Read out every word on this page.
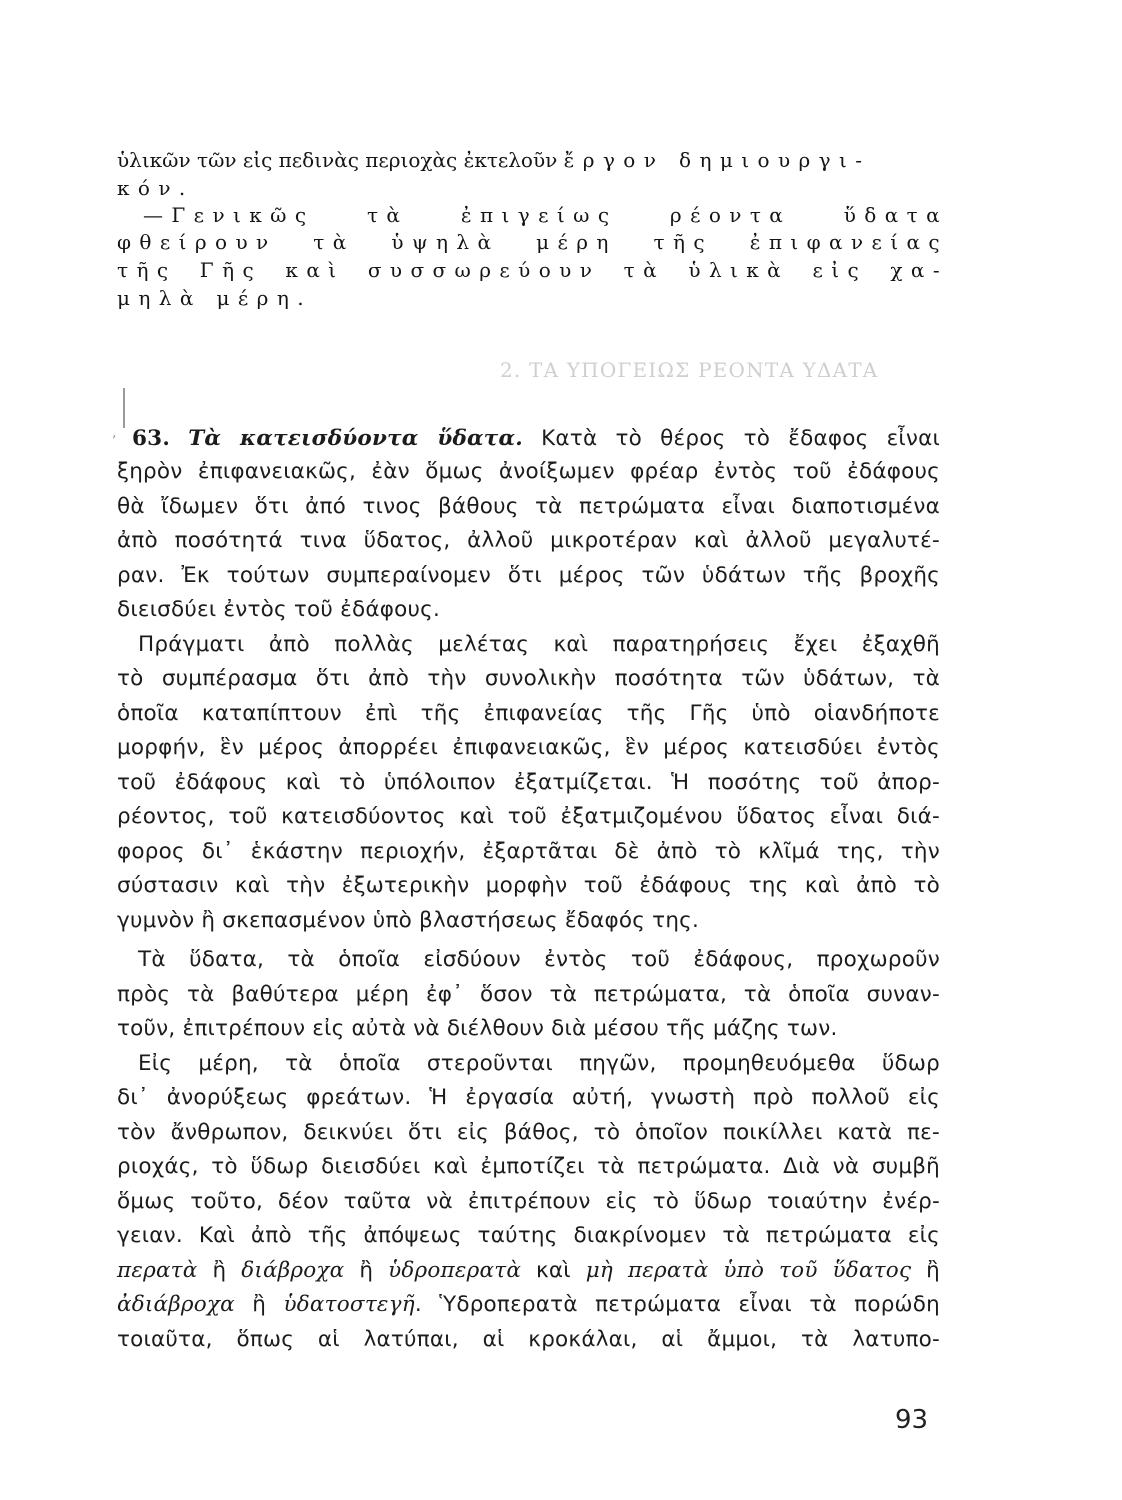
ὑλικῶν τῶν εἰς πεδινὰς περιοχὰς ἐκτελοῦν ἔργον δημιουργι-
κόν.
—Γενικῶς τὰ ἐπιγείως ρέοντα ὕδατα
φθείρουν τὰ ὑψηλὰ μέρη τῆς ἐπιφανείας
τῆς Γῆς καὶ συσσωρεύουν τὰ ὑλικὰ εἰς χα-
μηλὰ μέρη.
2. ΤΑ ΥΠΟΓΕΙΩΣ ΡΕΟΝΤΑ ΥΔΑΤΑ
, 63. Τὰ κατεισδύοντα ὕδατα. Κατὰ τὸ θέρος τὸ ἔδαφος εἶναι
ξηρὸν ἐπιφανειακῶς, ἐὰν ὅμως ἀνοίξωμεν φρέαρ ἐντὸς τοῦ ἐδάφους
θὰ ἴδωμεν ὅτι ἀπό τινος βάθους τὰ πετρώματα εἶναι διαποτισμένα
ἀπὸ ποσότητά τινα ὕδατος, ἀλλοῦ μικροτέραν καὶ ἀλλοῦ μεγαλυτέ-
ραν. Ἐκ τούτων συμπεραίνομεν ὅτι μέρος τῶν ὑδάτων τῆς βροχῆς
διεισδύει ἐντὸς τοῦ ἐδάφους.
Πράγματι ἀπὸ πολλὰς μελέτας καὶ παρατηρήσεις ἔχει ἐξαχθῆ
τὸ συμπέρασμα ὅτι ἀπὸ τὴν συνολικὴν ποσότητα τῶν ὑδάτων, τὰ
ὁποῖα καταπίπτουν ἐπὶ τῆς ἐπιφανείας τῆς Γῆς ὑπὸ οἱανδήποτε
μορφήν, ἓν μέρος ἀπορρέει ἐπιφανειακῶς, ἓν μέρος κατεισδύει ἐντὸς
τοῦ ἐδάφους καὶ τὸ ὑπόλοιπον ἐξατμίζεται. Ἡ ποσότης τοῦ ἀπορ-
ρέοντος, τοῦ κατεισδύοντος καὶ τοῦ ἐξατμιζομένου ὕδατος εἶναι διά-
φορος δι᾽ ἑκάστην περιοχήν, ἐξαρτᾶται δὲ ἀπὸ τὸ κλῖμά της, τὴν
σύστασιν καὶ τὴν ἐξωτερικὴν μορφὴν τοῦ ἐδάφους της καὶ ἀπὸ τὸ
γυμνὸν ἢ σκεπασμένον ὑπὸ βλαστήσεως ἔδαφός της.
Τὰ ὕδατα, τὰ ὁποῖα εἰσδύουν ἐντὸς τοῦ ἐδάφους, προχωροῦν
πρὸς τὰ βαθύτερα μέρη ἐφ᾽ ὅσον τὰ πετρώματα, τὰ ὁποῖα συναν-
τοῦν, ἐπιτρέπουν εἰς αὐτὰ νὰ διέλθουν διὰ μέσου τῆς μάζης των.
Εἰς μέρη, τὰ ὁποῖα στεροῦνται πηγῶν, προμηθευόμεθα ὕδωρ
δι᾽ ἀνορύξεως φρεάτων. Ἡ ἐργασία αὐτή, γνωστὴ πρὸ πολλοῦ εἰς
τὸν ἄνθρωπον, δεικνύει ὅτι εἰς βάθος, τὸ ὁποῖον ποικίλλει κατὰ πε-
ριοχάς, τὸ ὕδωρ διεισδύει καὶ ἐμποτίζει τὰ πετρώματα. Διὰ νὰ συμβῆ
ὅμως τοῦτο, δέον ταῦτα νὰ ἐπιτρέπουν εἰς τὸ ὕδωρ τοιαύτην ἐνέρ-
γειαν. Καὶ ἀπὸ τῆς ἀπόψεως ταύτης διακρίνομεν τὰ πετρώματα εἰς
περατὰ ἢ διάβροχα ἢ ὑδροπερατὰ καὶ μὴ περατὰ ὑπὸ τοῦ ὕδατος ἢ
ἀδιάβροχα ἢ ὑδατοστεγῆ. Ὑδροπερατὰ πετρώματα εἶναι τὰ πορώδη
τοιαῦτα, ὅπως αἱ λατύπαι, αἱ κροκάλαι, αἱ ἄμμοι, τὰ λατυπο-
93
